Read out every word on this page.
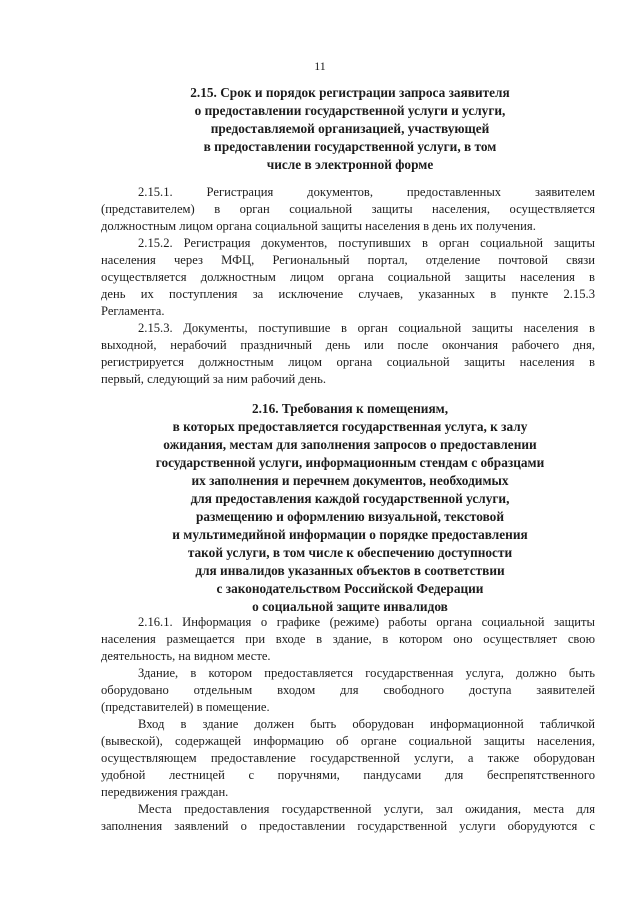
11
2.15. Срок и порядок регистрации запроса заявителя
о предоставлении государственной услуги и услуги,
предоставляемой организацией, участвующей
в предоставлении государственной услуги, в том
числе в электронной форме
2.15.1. Регистрация документов, предоставленных заявителем
(представителем) в орган социальной защиты населения, осуществляется
должностным лицом органа социальной защиты населения в день их получения.
2.15.2. Регистрация документов, поступивших в орган социальной защиты
населения через МФЦ, Региональный портал, отделение почтовой связи
осуществляется должностным лицом органа социальной защиты населения в
день их поступления за исключение случаев, указанных в пункте 2.15.3
Регламента.
2.15.3. Документы, поступившие в орган социальной защиты населения в
выходной, нерабочий праздничный день или после окончания рабочего дня,
регистрируется должностным лицом органа социальной защиты населения в
первый, следующий за ним рабочий день.
2.16. Требования к помещениям,
в которых предоставляется государственная услуга, к залу
ожидания, местам для заполнения запросов о предоставлении
государственной услуги, информационным стендам с образцами
их заполнения и перечнем документов, необходимых
для предоставления каждой государственной услуги,
размещению и оформлению визуальной, текстовой
и мультимедийной информации о порядке предоставления
такой услуги, в том числе к обеспечению доступности
для инвалидов указанных объектов в соответствии
с законодательством Российской Федерации
о социальной защите инвалидов
2.16.1. Информация о графике (режиме) работы органа социальной защиты
населения размещается при входе в здание, в котором оно осуществляет свою
деятельность, на видном месте.
Здание, в котором предоставляется государственная услуга, должно быть
оборудовано отдельным входом для свободного доступа заявителей
(представителей) в помещение.
Вход в здание должен быть оборудован информационной табличкой
(вывеской), содержащей информацию об органе социальной защиты населения,
осуществляющем предоставление государственной услуги, а также оборудован
удобной лестницей с поручнями, пандусами для беспрепятственного
передвижения граждан.
Места предоставления государственной услуги, зал ожидания, места для
заполнения заявлений о предоставлении государственной услуги оборудуются с
